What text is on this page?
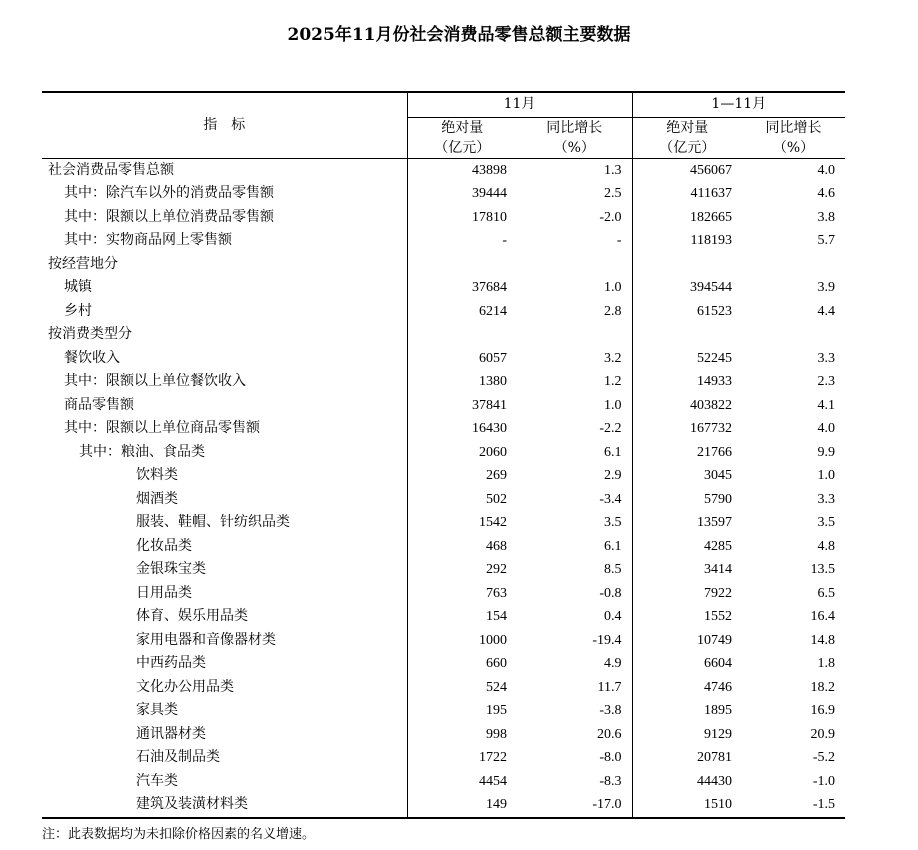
2025年11月份社会消费品零售总额主要数据
指　标	11月		1—11月	
	绝对量	同比增长	绝对量	同比增长
	（亿元）	（%）	（亿元）	（%）
社会消费品零售总额	43898	1.3	456067	4.0
其中：除汽车以外的消费品零售额	39444	2.5	411637	4.6
其中：限额以上单位消费品零售额	17810	-2.0	182665	3.8
其中：实物商品网上零售额	-	-	118193	5.7
按经营地分				
城镇	37684	1.0	394544	3.9
乡村	6214	2.8	61523	4.4
按消费类型分				
餐饮收入	6057	3.2	52245	3.3
其中：限额以上单位餐饮收入	1380	1.2	14933	2.3
商品零售额	37841	1.0	403822	4.1
其中：限额以上单位商品零售额	16430	-2.2	167732	4.0
其中：粮油、食品类	2060	6.1	21766	9.9
饮料类	269	2.9	3045	1.0
烟酒类	502	-3.4	5790	3.3
服装、鞋帽、针纺织品类	1542	3.5	13597	3.5
化妆品类	468	6.1	4285	4.8
金银珠宝类	292	8.5	3414	13.5
日用品类	763	-0.8	7922	6.5
体育、娱乐用品类	154	0.4	1552	16.4
家用电器和音像器材类	1000	-19.4	10749	14.8
中西药品类	660	4.9	6604	1.8
文化办公用品类	524	11.7	4746	18.2
家具类	195	-3.8	1895	16.9
通讯器材类	998	20.6	9129	20.9
石油及制品类	1722	-8.0	20781	-5.2
汽车类	4454	-8.3	44430	-1.0
建筑及装潢材料类	149	-17.0	1510	-1.5
注：此表数据均为未扣除价格因素的名义增速。
